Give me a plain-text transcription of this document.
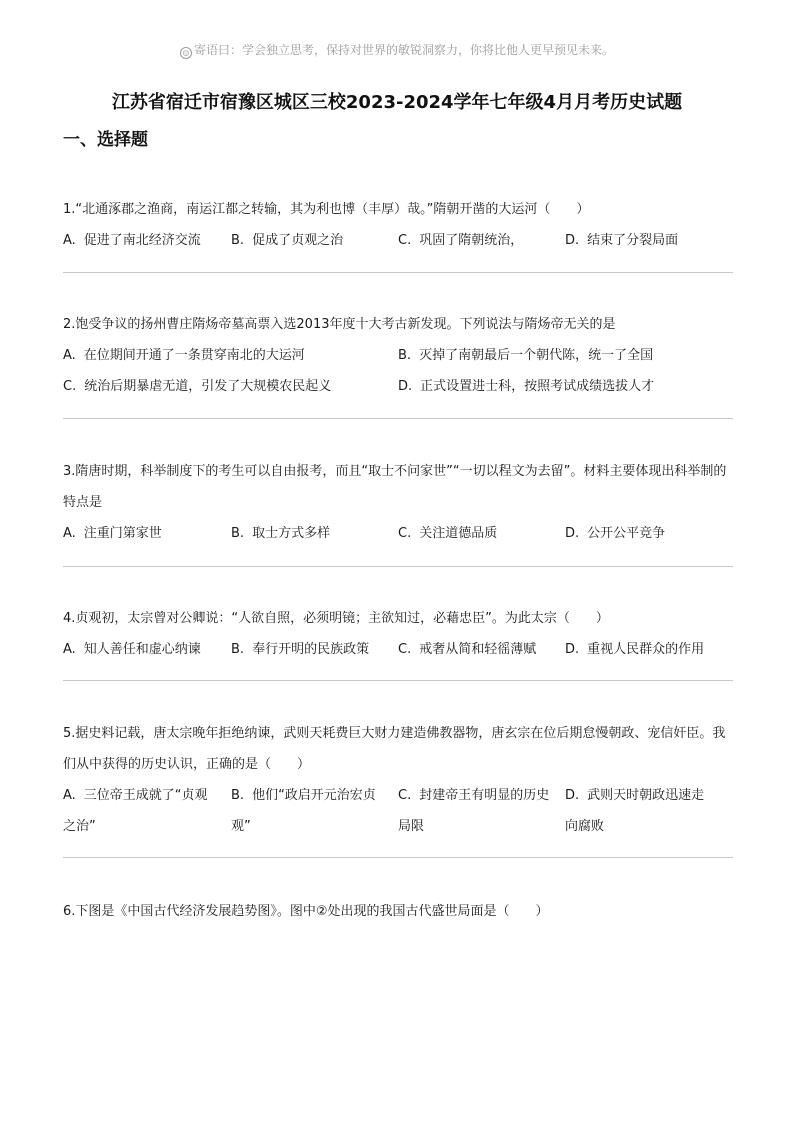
☺ 寄语曰：学会独立思考，保持对世界的敏锐洞察力，你将比他人更早预见未来。
江苏省宿迁市宿豫区城区三校2023-2024学年七年级4月月考历史试题
一、选择题
1.“北通涿郡之渔商，南运江都之转输，其为利也博（丰厚）哉。”隋朝开凿的大运河（　　）
A. 促进了南北经济交流 B. 促成了贞观之治	C. 巩固了隋朝统治，	D. 结束了分裂局面
2.饱受争议的扬州曹庄隋炀帝墓高票入选2013年度十大考古新发现。下列说法与隋炀帝无关的是
A. 在位期间开通了一条贯穿南北的大运河	B. 灭掉了南朝最后一个朝代陈，统一了全国
C. 统治后期暴虐无道，引发了大规模农民起义	D. 正式设置进士科，按照考试成绩选拔人才
3.隋唐时期，科举制度下的考生可以自由报考，而且“取士不问家世”“一切以程文为去留”。材料主要体现出科举制的特点是
A. 注重门第家世	B. 取士方式多样	C. 关注道德品质	D. 公开公平竞争
4.贞观初，太宗曾对公卿说：“人欲自照，必须明镜；主欲知过，必藉忠臣”。为此太宗（　　）
A. 知人善任和虚心纳谏 B. 奉行开明的民族政策 C. 戒奢从简和轻徭薄赋 D. 重视人民群众的作用
5.据史料记载，唐太宗晚年拒绝纳谏，武则天耗费巨大财力建造佛教器物，唐玄宗在位后期怠慢朝政、宠信奸臣。我们从中获得的历史认识，正确的是（　　）
A. 三位帝王成就了“贞观之治”
B. 他们“政启开元治宏贞观”
C. 封建帝王有明显的历史局限
D. 武则天时朝政迅速走向腐败
6.下图是《中国古代经济发展趋势图》。图中②处出现的我国古代盛世局面是（　　）
